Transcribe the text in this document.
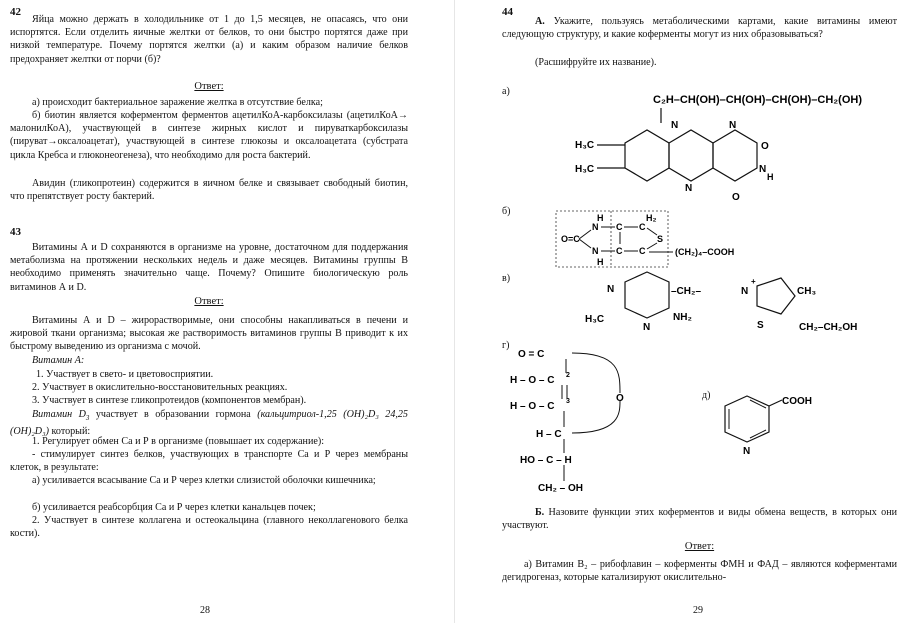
42

Яйца можно держать в холодильнике от 1 до 1,5 месяцев, не опасаясь, что они испортятся. Если отделить яичные желтки от белков, то они быстро портятся даже при низкой температуре. Почему портятся желтки (а) и каким образом наличие белков предохраняет желтки от порчи (б)?

Ответ:

а) происходит бактериальное заражение желтка в отсутствие белка;

б) биотин является коферментом ферментов ацетилКоА-карбоксилазы (ацетилКоА→ малонилКоА), участвующей в синтезе жирных кислот и пируваткарбоксилазы (пируват→оксалоацетат), участвующей в синтезе глюкозы и оксалоацетата (субстрата цикла Кребса и глюконеогенеза), что необходимо для роста бактерий.

Авидин (гликопротеин) содержится в яичном белке и связывает свободный биотин, что препятствует росту бактерий.

43

Витамины А и D сохраняются в организме на уровне, достаточном для поддержания метаболизма на протяжении нескольких недель и даже месяцев. Витамины группы В необходимо применять значительно чаще. Почему? Опишите биологическую роль витаминов А и D.

Ответ:

Витамины А и D – жирорастворимые, они способны накапливаться в печени и жировой ткани организма; высокая же растворимость витаминов группы В приводит к их быстрому выведению из организма с мочой.

Витамин А:
1. Участвует в свето- и цветовосприятии.
2. Участвует в окислительно-восстановительных реакциях.
3. Участвует в синтезе гликопротеидов (компонентов мембран).

Витамин $D_3$ участвует в образовании гормона (кальцитриол-1,25 (OH)₂D₃ 24,25 (OH)₂D₃) который:

1. Регулирует обмен Са и Р в организме (повышает их содержание):

- стимулирует синтез белков, участвующих в транспорте Са и Р через мембраны клеток, в результате:

а) усиливается всасывание Са и Р через клетки слизистой оболочки кишечника;

б) усиливается реабсорбция Са и Р через клетки канальцев почек;

2. Участвует в синтезе коллагена и остеокальцина (главного неколлагенового белка кости).

28
44

А. Укажите, пользуясь метаболическими картами, какие витамины имеют следующую структуру, и какие коферменты могут из них образовываться?

(Расшифруйте их название).
а)
б)
в)
г)
д)
C₂H–CH(OH)–CH(OH)–CH(OH)–CH₂(OH)
N
N
N
N
H
O
O
H₃C
H₃C
O=C
N
N
H
H
C
C
C
C
H₂
S
(CH₂)₄–COOH
N
N
H₃C	NH₂
–CH₂–	N
+
S
CH₃
CH₂–CH₂OH
O = C
H – O – C 2
H – O – C 3
H – C
HO – C – H
CH₂ – OH
O
N
COOH

Б. Назовите функции этих коферментов и виды обмена веществ, в которых они участвуют.

Ответ:

а) Витамин В₂ – рибофлавин – коферменты ФМН и ФАД – являются коферментами дегидрогеназ, которые катализируют окислительно-

29
